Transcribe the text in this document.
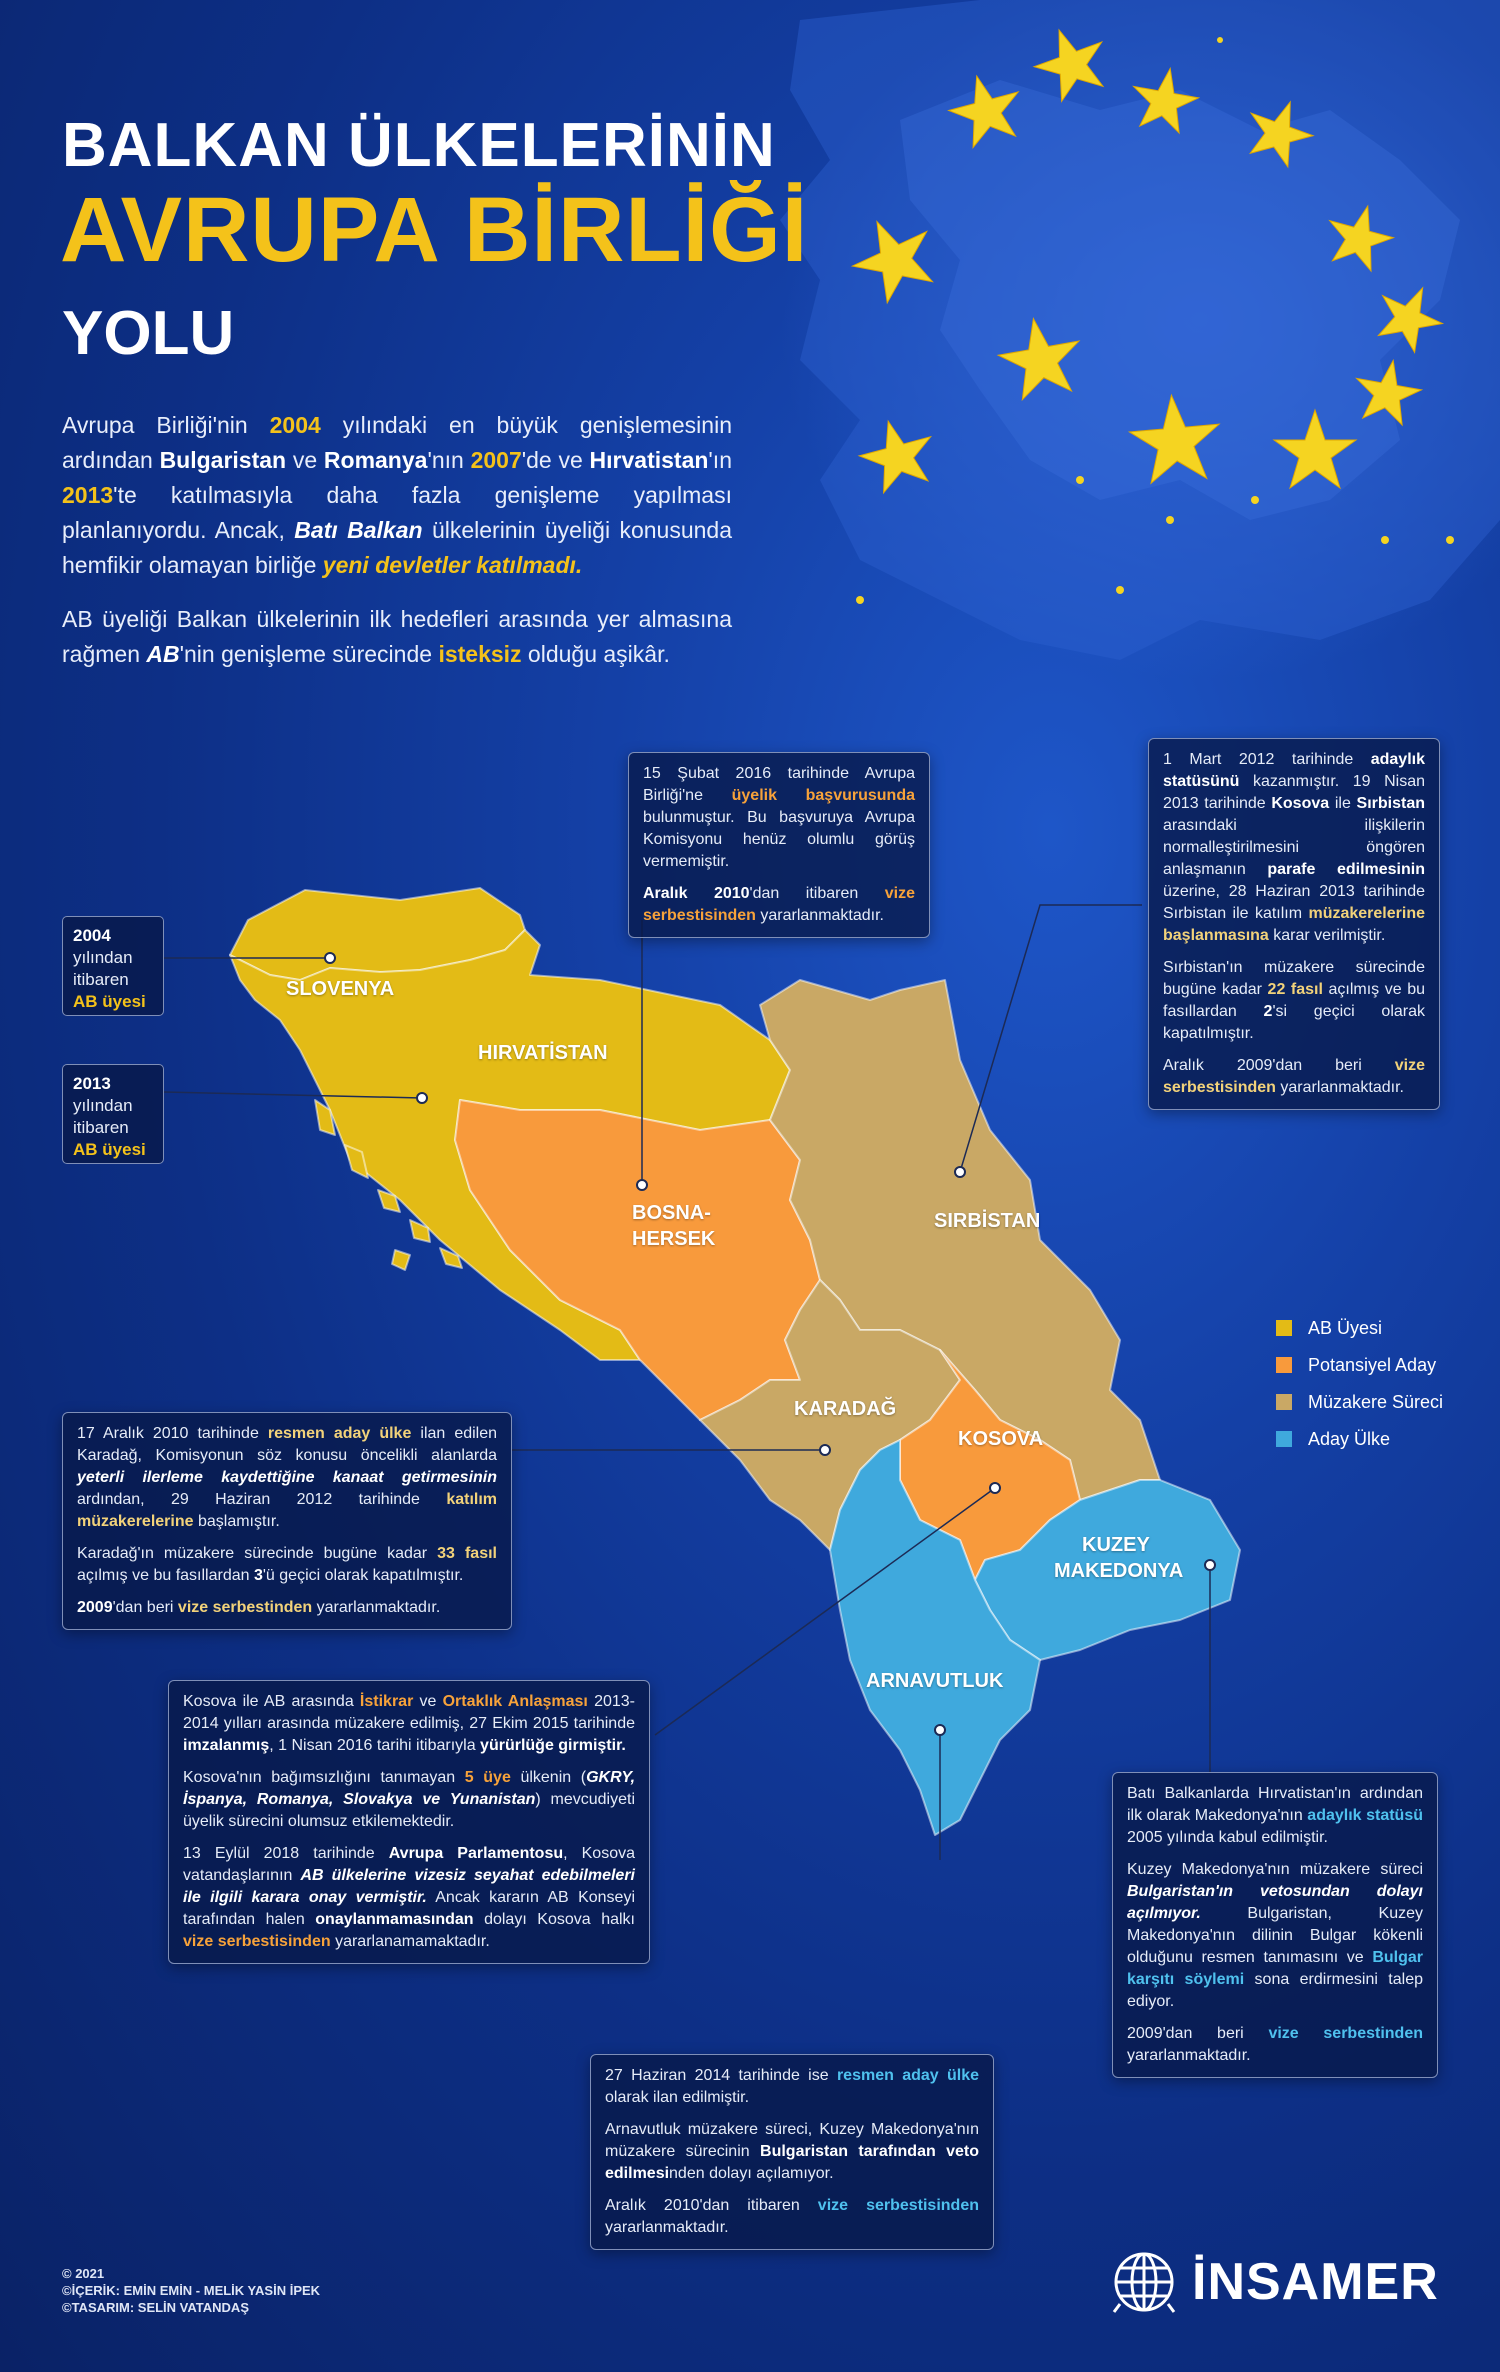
BALKAN ÜLKELERİNİN
AVRUPA BİRLİĞİ
YOLU
Avrupa Birliği'nin 2004 yılındaki en büyük genişlemesinin ardından Bulgaristan ve Romanya'nın 2007'de ve Hırvatistan'ın 2013'te katılmasıyla daha fazla genişleme yapılması planlanıyordu. Ancak, Batı Balkan ülkelerinin üyeliği konusunda hemfikir olamayan birliğe yeni devletler katılmadı.
AB üyeliği Balkan ülkelerinin ilk hedefleri arasında yer almasına rağmen AB'nin genişleme sürecinde isteksiz olduğu aşikâr.
SLOVENYA
HIRVATİSTAN
BOSNA-
HERSEK
SIRBİSTAN
KARADAĞ
KOSOVA
KUZEY
MAKEDONYA
ARNAVUTLUK
2004
yılından
itibaren
AB üyesi
2013
yılından
itibaren
AB üyesi

15 Şubat 2016 tarihinde Avrupa Birliği'ne üyelik başvurusunda bulunmuştur. Bu başvuruya Avrupa Komisyonu henüz olumlu görüş vermemiştir.

Aralık 2010'dan itibaren vize serbestisinden yararlanmaktadır.

1 Mart 2012 tarihinde adaylık statüsünü kazanmıştır. 19 Nisan 2013 tarihinde Kosova ile Sırbistan arasındaki ilişkilerin normalleştirilmesini öngören anlaşmanın parafe edilmesinin üzerine, 28 Haziran 2013 tarihinde Sırbistan ile katılım müzakerelerine başlanmasına karar verilmiştir.

Sırbistan'ın müzakere sürecinde bugüne kadar 22 fasıl açılmış ve bu fasıllardan 2'si geçici olarak kapatılmıştır.

Aralık 2009'dan beri vize serbestisinden yararlanmaktadır.

17 Aralık 2010 tarihinde resmen aday ülke ilan edilen Karadağ, Komisyonun söz konusu öncelikli alanlarda yeterli ilerleme kaydettiğine kanaat getirmesinin ardından, 29 Haziran 2012 tarihinde katılım müzakerelerine başlamıştır.

Karadağ'ın müzakere sürecinde bugüne kadar 33 fasıl açılmış ve bu fasıllardan 3'ü geçici olarak kapatılmıştır.

2009'dan beri vize serbestinden yararlanmaktadır.

Kosova ile AB arasında İstikrar ve Ortaklık Anlaşması 2013-2014 yılları arasında müzakere edilmiş, 27 Ekim 2015 tarihinde imzalanmış, 1 Nisan 2016 tarihi itibarıyla yürürlüğe girmiştir.

Kosova'nın bağımsızlığını tanımayan 5 üye ülkenin (GKRY, İspanya, Romanya, Slovakya ve Yunanistan) mevcudiyeti üyelik sürecini olumsuz etkilemektedir.

13 Eylül 2018 tarihinde Avrupa Parlamentosu, Kosova vatandaşlarının AB ülkelerine vizesiz seyahat edebilmeleri ile ilgili karara onay vermiştir. Ancak kararın AB Konseyi tarafından halen onaylanmamasından dolayı Kosova halkı vize serbestisinden yararlanamamaktadır.

Batı Balkanlarda Hırvatistan'ın ardından ilk olarak Makedonya'nın adaylık statüsü 2005 yılında kabul edilmiştir.

Kuzey Makedonya'nın müzakere süreci Bulgaristan'ın vetosundan dolayı açılmıyor. Bulgaristan, Kuzey Makedonya'nın dilinin Bulgar kökenli olduğunu resmen tanımasını ve Bulgar karşıtı söylemi sona erdirmesini talep ediyor.

2009'dan beri vize serbestinden yararlanmaktadır.

27 Haziran 2014 tarihinde ise resmen aday ülke olarak ilan edilmiştir.

Arnavutluk müzakere süreci, Kuzey Makedonya'nın müzakere sürecinin Bulgaristan tarafından veto edilmesinden dolayı açılamıyor.

Aralık 2010'dan itibaren vize serbestisinden yararlanmaktadır.

AB Üyesi
Potansiyel Aday
Müzakere Süreci
Aday Ülke
© 2021
©İÇERİK: EMİN EMİN - MELİK YASİN İPEK
©TASARIM: SELİN VATANDAŞ	İNSAMER
